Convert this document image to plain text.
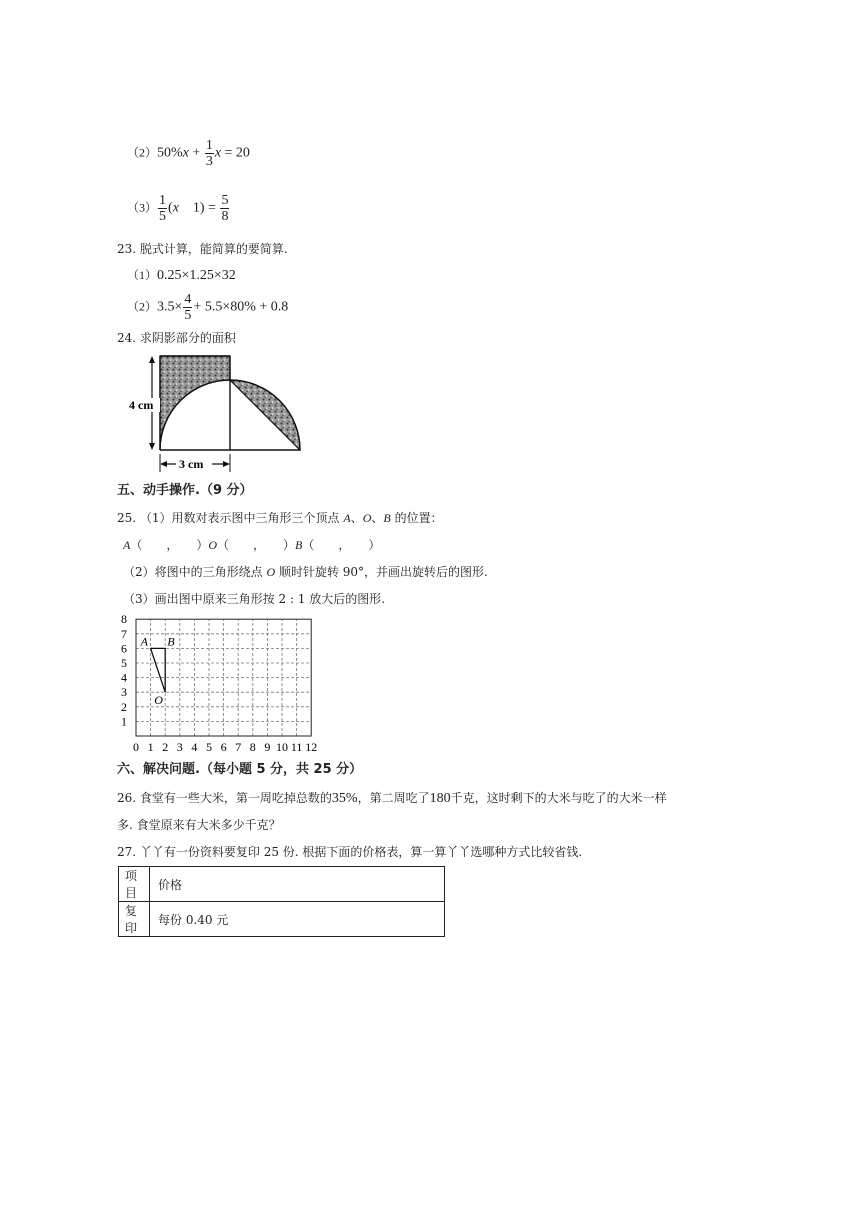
$(2)50\%x + \frac{1}{3}$ x = 20
$(3) \frac{1}{5} (x$　$1) = \frac{5}{8}$
23. 脱式计算，能简算的要简算.
（1）0.25×1.25×32
$(2)3.5\times \frac{4}{5} + 5.5\times 80\% + 0.8$
24. 求阴影部分的面积
4 cm
3 cm
五、动手操作.（9 分）
25. （1）用数对表示图中三角形三个顶点 A、O、B 的位置：
A（　　，　　）O（　　，　　）B（　　，　　）
（2）将图中的三角形绕点 O 顺时针旋转 90°，并画出旋转后的图形.
（3）画出图中原来三角形按 2 : 1 放大后的图形.
8
7
6
5
4
3
2
1
0 1 2 3 4 5 6 7 8 9 10 11 12
A B
O
六、解决问题.（每小题 5 分，共 25 分）
26. 食堂有一些大米，第一周吃掉总数的35%，第二周吃了180千克，这时剩下的大米与吃了的大米一样
多. 食堂原来有大米多少千克？
27. 丫丫有一份资料要复印 25 份. 根据下面的价格表，算一算丫丫选哪种方式比较省钱.
项目	价格
复印	每份 0.40 元
